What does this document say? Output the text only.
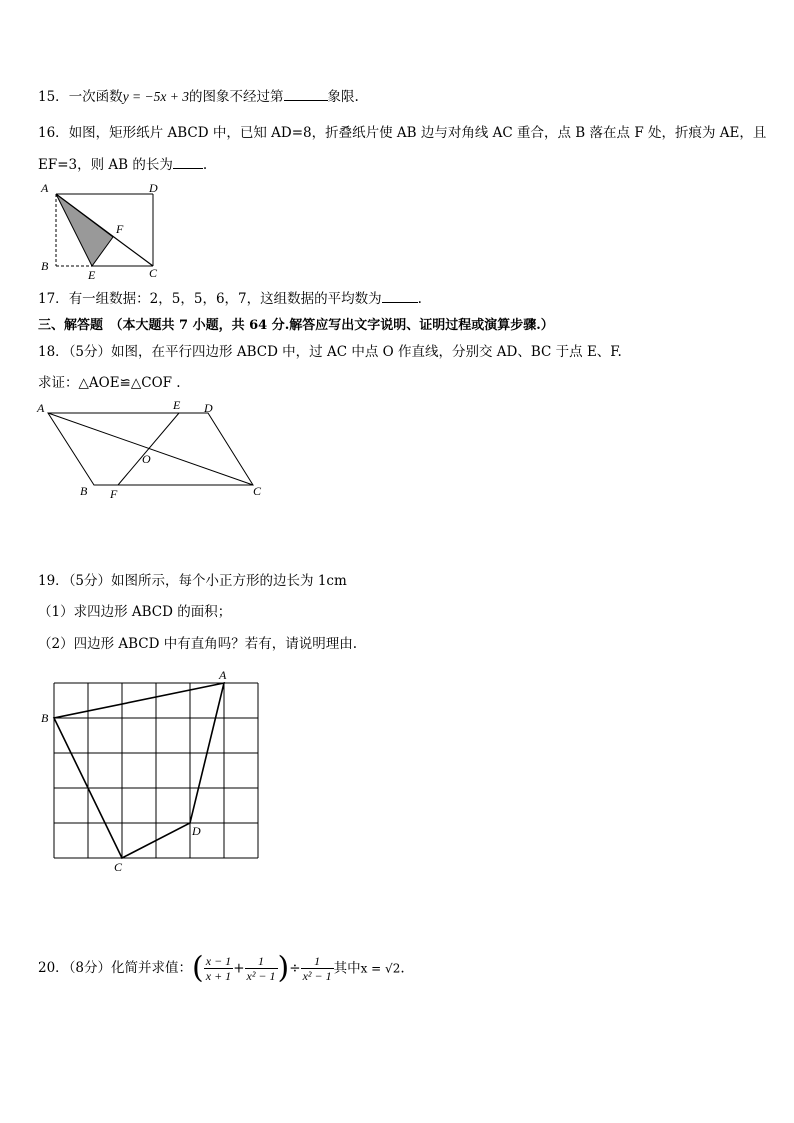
15．一次函数y = −5x + 3的图象不经过第	象限.
16．如图，矩形纸片 ABCD 中，已知 AD=8，折叠纸片使 AB 边与对角线 AC 重合，点 B 落在点 F 处，折痕为 AE，且
EF=3，则 AB 的长为 .
A	D
B	C
E
F
17．有一组数据：2，5，5，6，7，这组数据的平均数为	.
三、解答题　（本大题共 7 小题，共 64 分.解答应写出文字说明、证明过程或演算步骤.）
18．（5分）如图，在平行四边形 ABCD 中，过 AC 中点 O 作直线，分别交 AD、BC 于点 E、F.
求证：△AOE≌△COF .
A	E D
O
B F	C
19．（5分）如图所示，每个小正方形的边长为 1cm
（1）求四边形 ABCD 的面积；
（2）四边形 ABCD 中有直角吗？若有，请说明理由.
A
B
C
D
20．（8分）化简并求值：( $\frac{x - 1}{x + 1} + \frac{1}{\text{x² − 1}}$ )÷ $\frac{1}{\text{x² − 1}}$ 其中x = √2.
